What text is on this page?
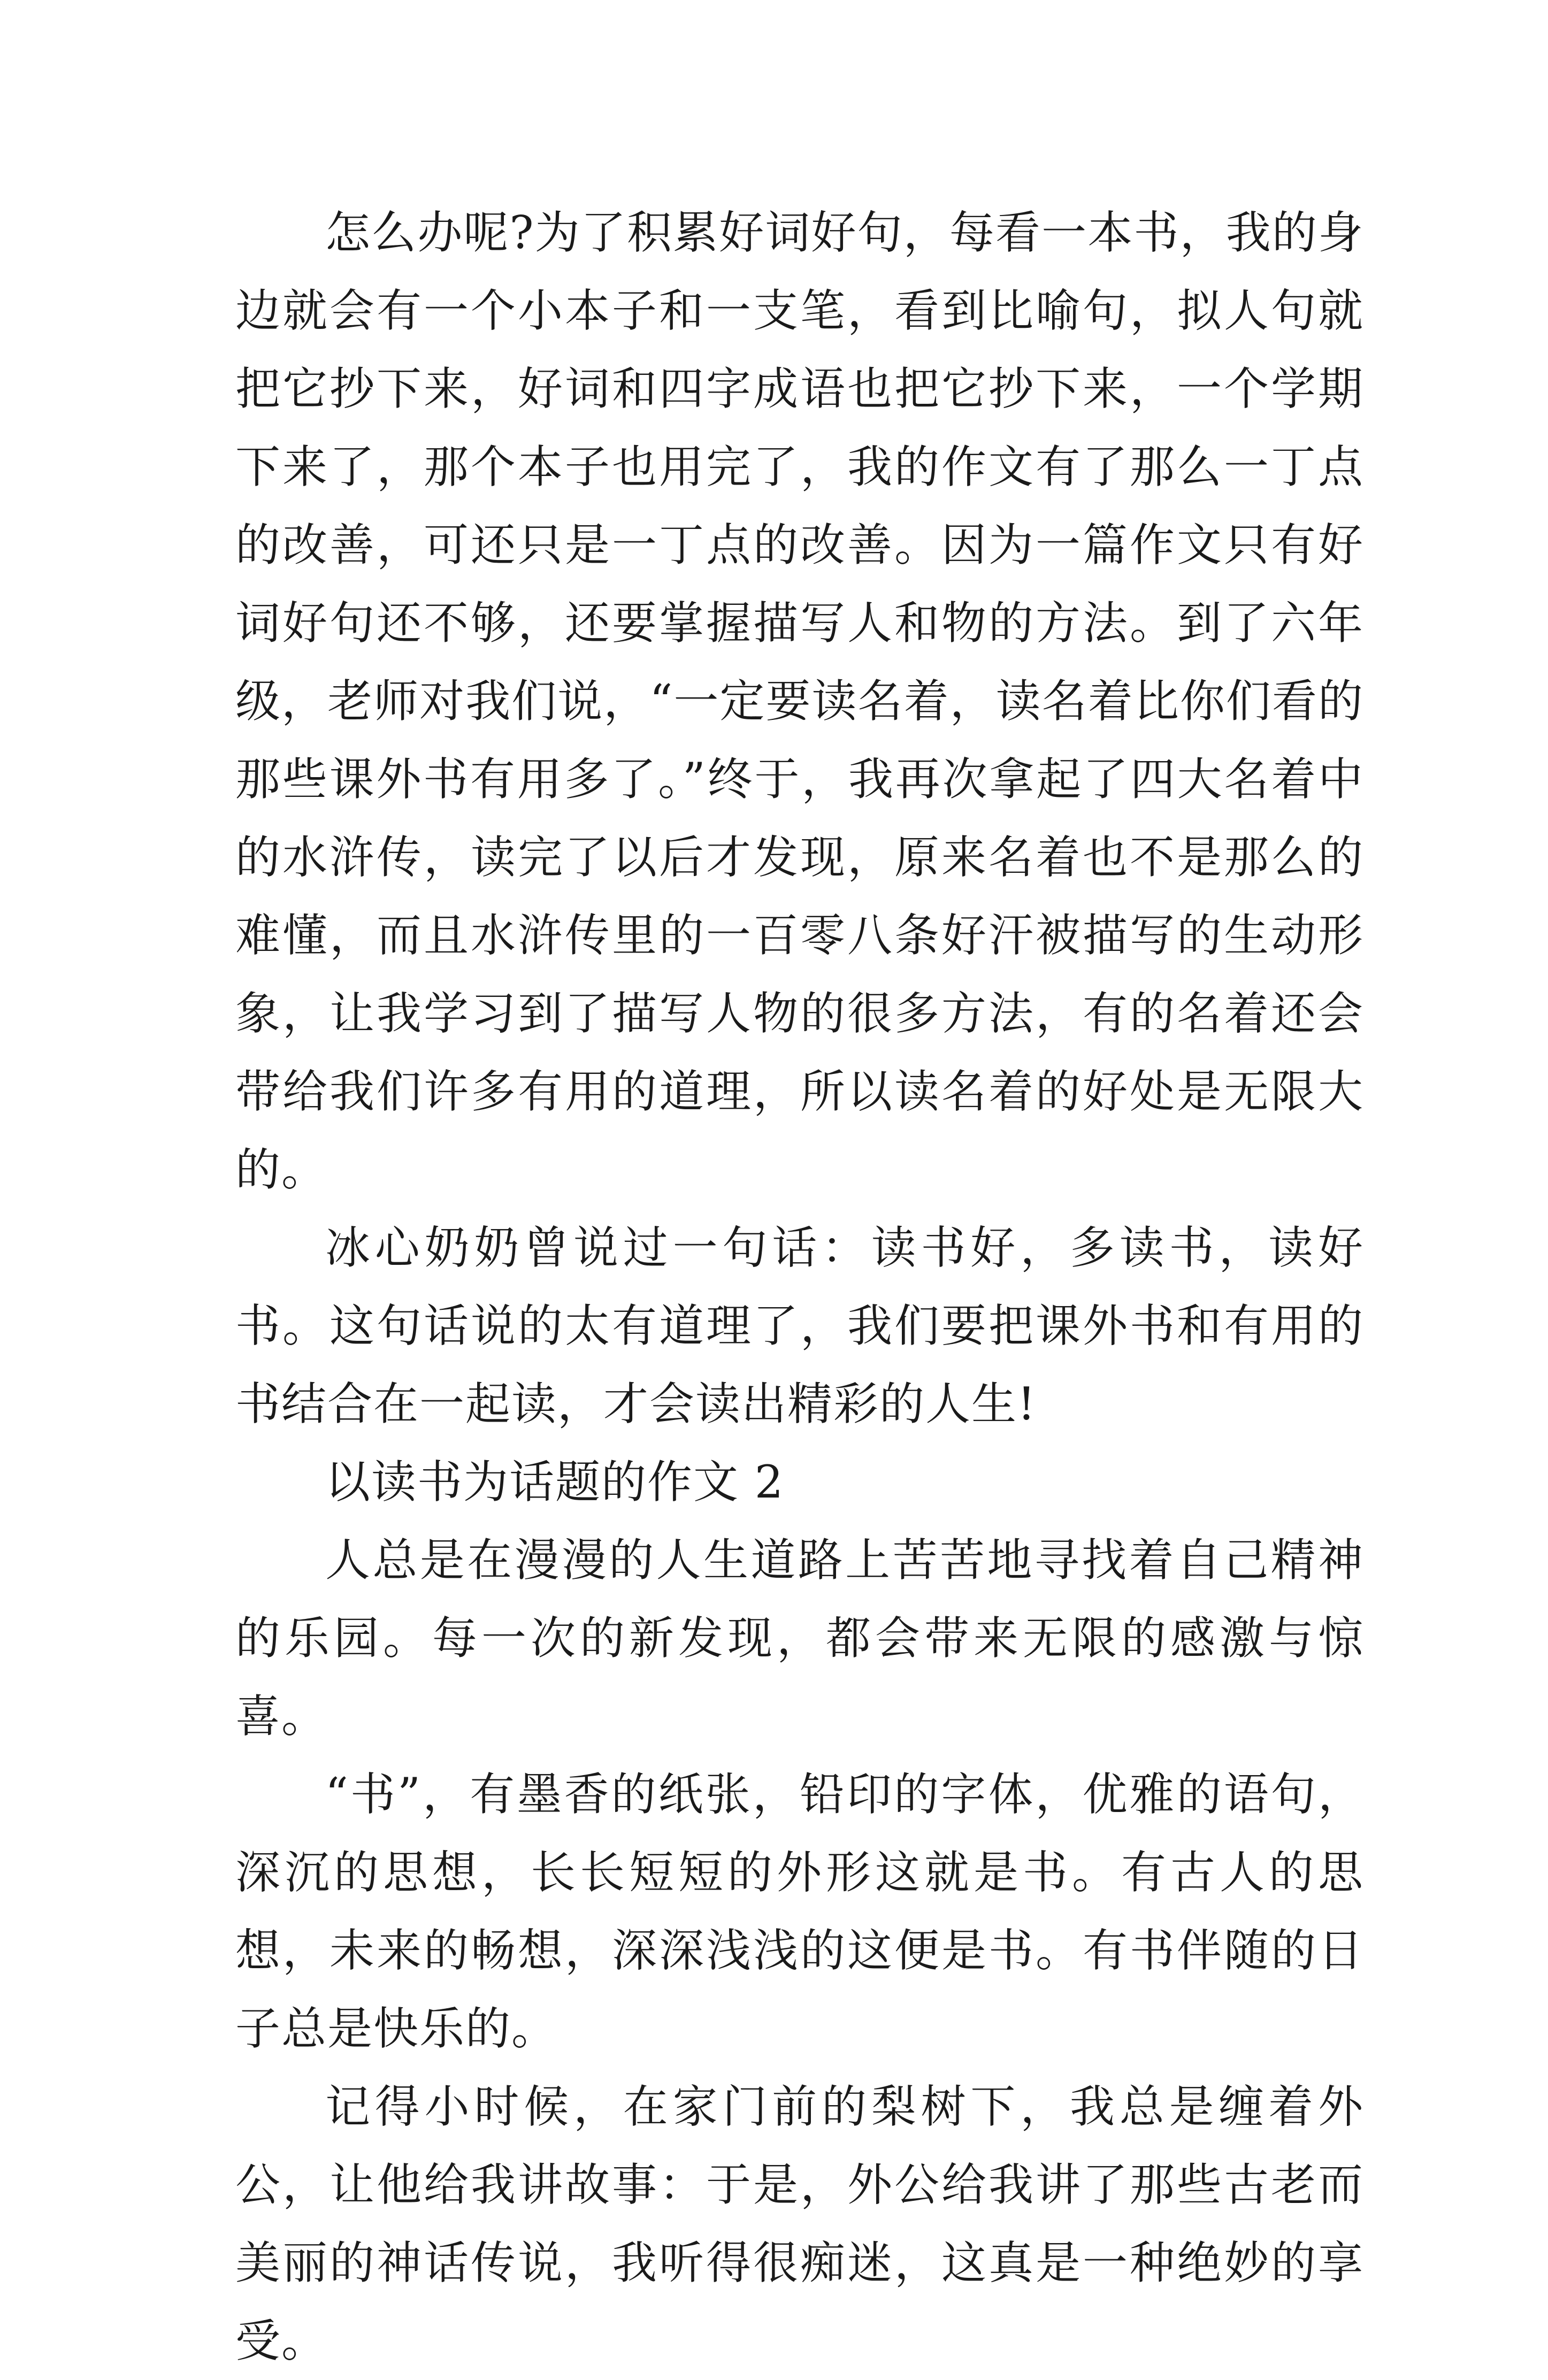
怎么办呢?为了积累好词好句，每看一本书，我的身边就会有一个小本子和一支笔，看到比喻句，拟人句就把它抄下来，好词和四字成语也把它抄下来，一个学期下来了，那个本子也用完了，我的作文有了那么一丁点的改善，可还只是一丁点的改善。因为一篇作文只有好词好句还不够，还要掌握描写人和物的方法。到了六年级，老师对我们说，“一定要读名着，读名着比你们看的那些课外书有用多了。”终于，我再次拿起了四大名着中的水浒传，读完了以后才发现，原来名着也不是那么的难懂，而且水浒传里的一百零八条好汗被描写的生动形象，让我学习到了描写人物的很多方法，有的名着还会带给我们许多有用的道理，所以读名着的好处是无限大的。

冰心奶奶曾说过一句话：读书好，多读书，读好书。这句话说的太有道理了，我们要把课外书和有用的书结合在一起读，才会读出精彩的人生!

以读书为话题的作文 2

人总是在漫漫的人生道路上苦苦地寻找着自己精神的乐园。每一次的新发现，都会带来无限的感激与惊喜。

“书”，有墨香的纸张，铅印的字体，优雅的语句，深沉的思想，长长短短的外形这就是书。有古人的思想，未来的畅想，深深浅浅的这便是书。有书伴随的日子总是快乐的。

记得小时候，在家门前的梨树下，我总是缠着外公，让他给我讲故事：于是，外公给我讲了那些古老而美丽的神话传说，我听得很痴迷，这真是一种绝妙的享受。
